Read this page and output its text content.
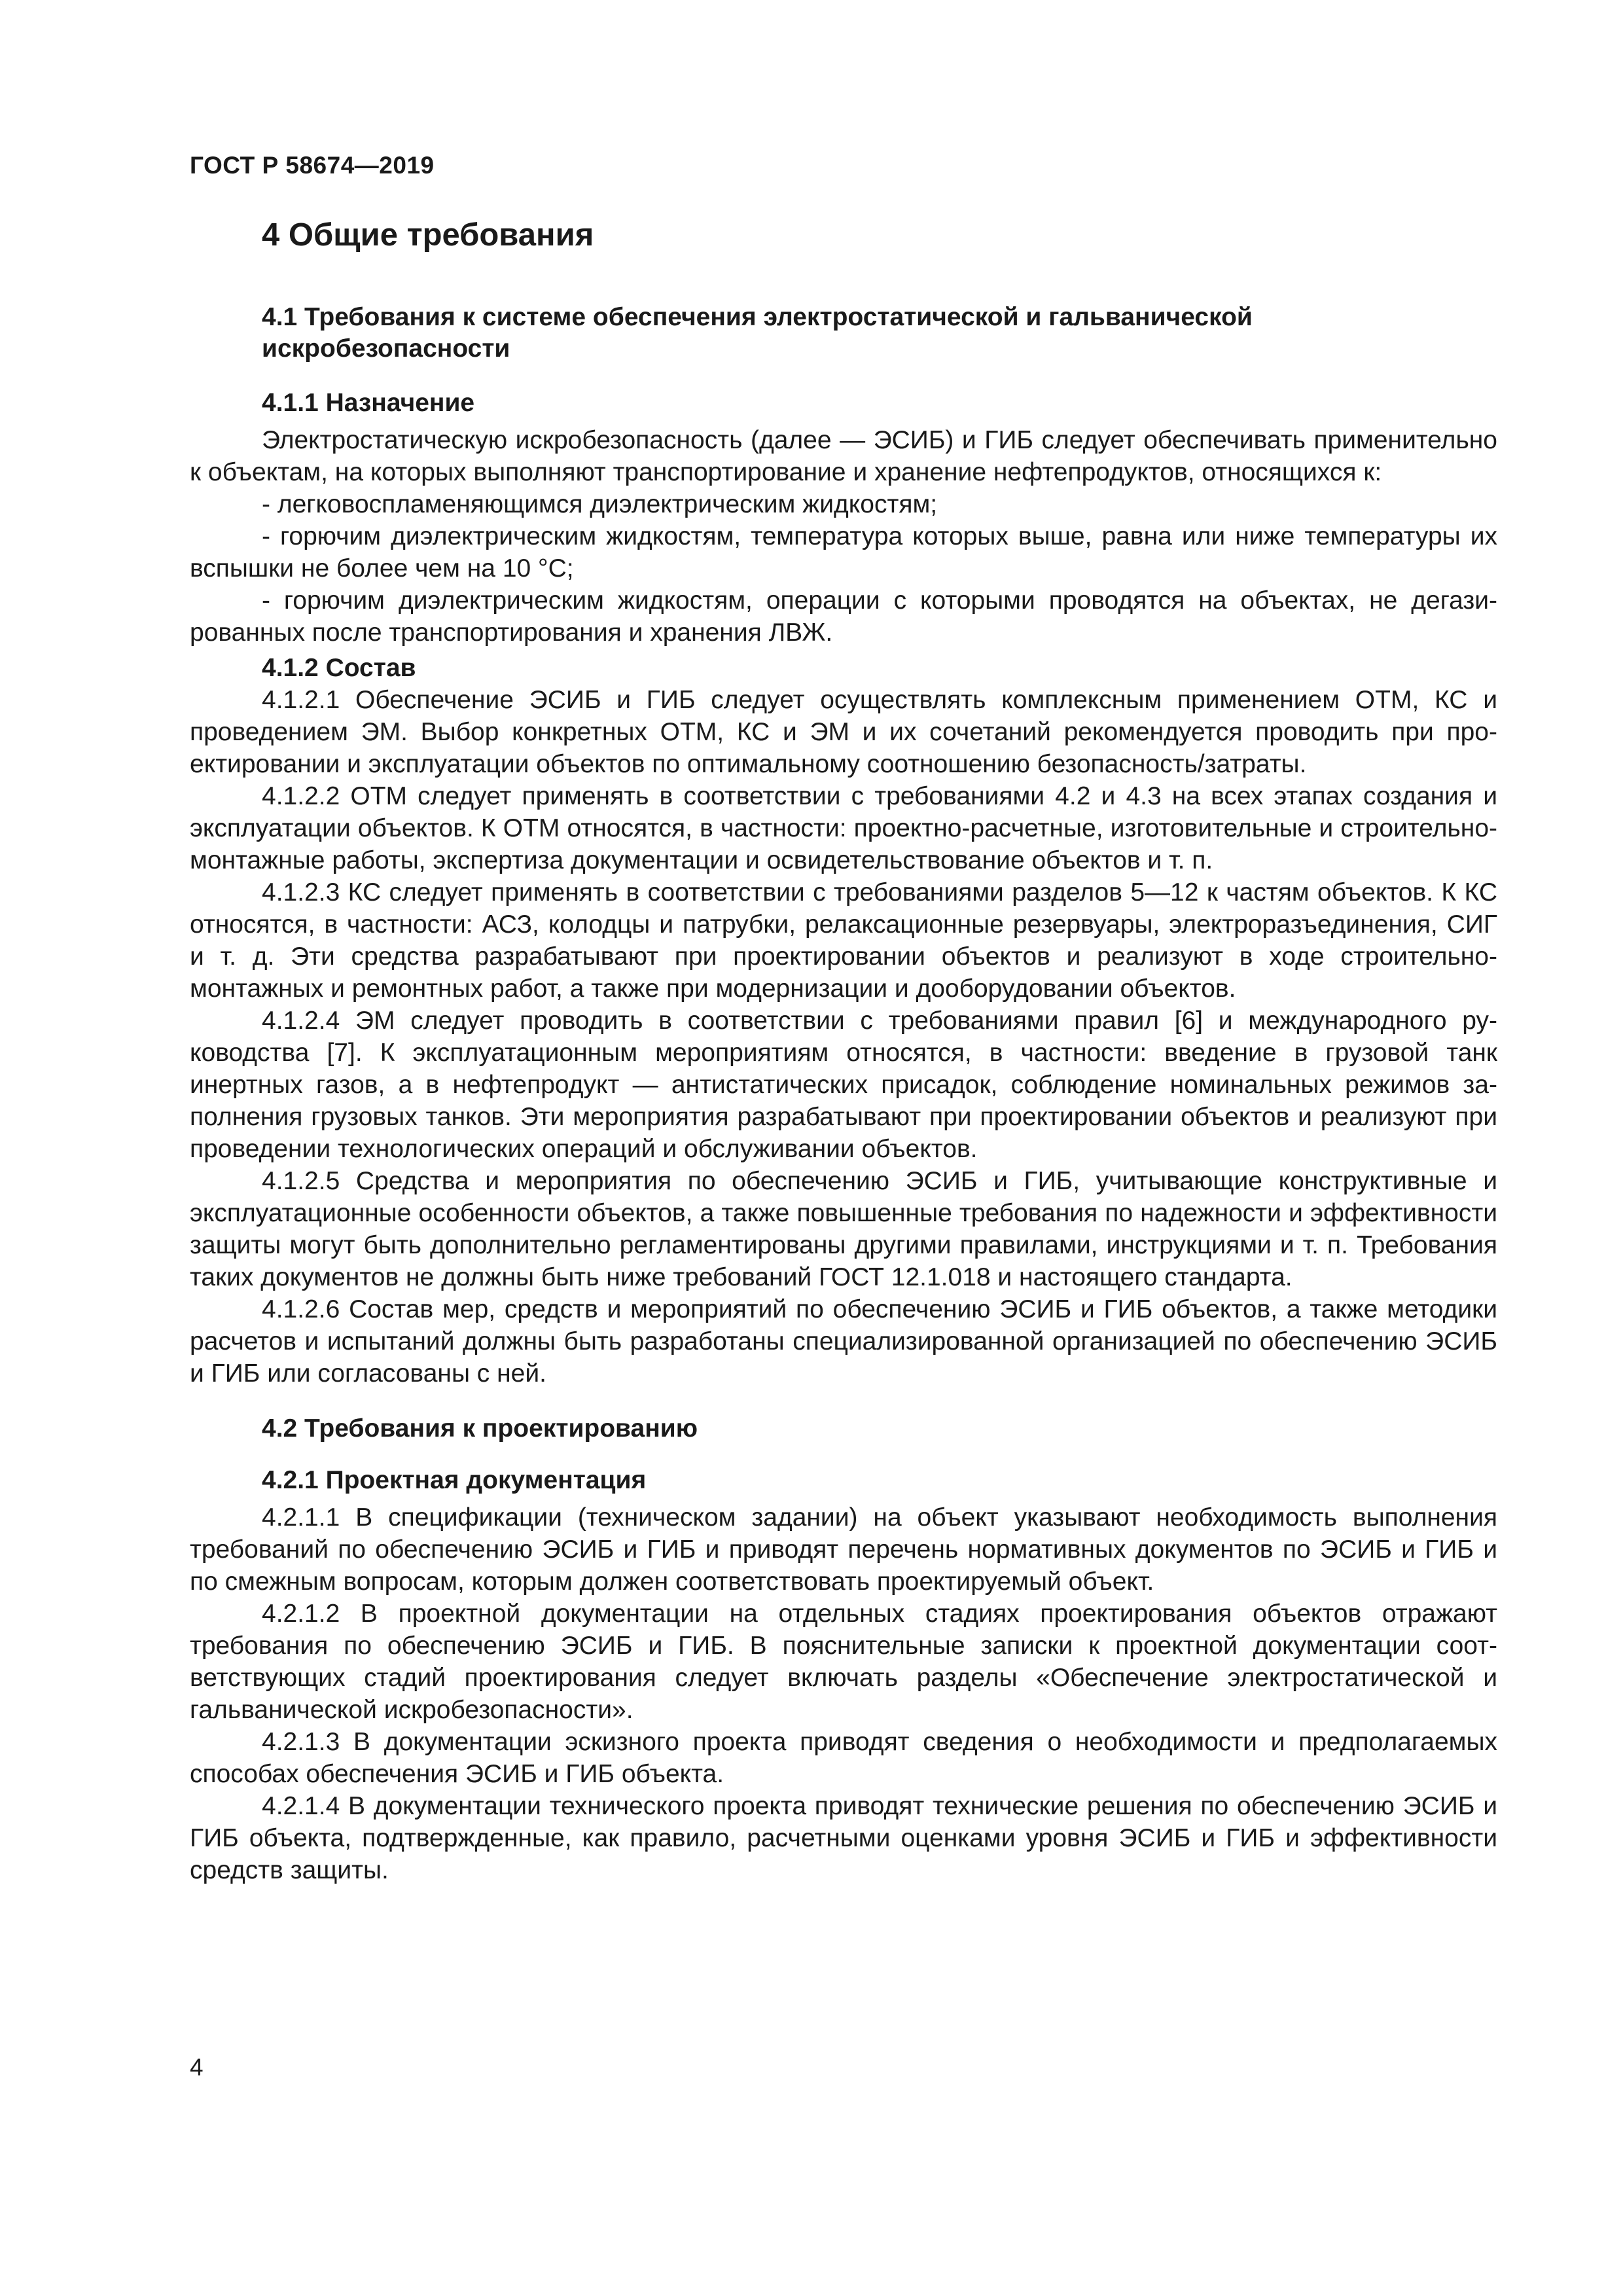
ГОСТ Р 58674—2019
4 Общие требования
4.1 Требования к системе обеспечения электростатической и гальванической
искробезопасности
4.1.1 Назначение

Электростатическую искробезопасность (далее — ЭСИБ) и ГИБ следует обеспечивать применительно к объектам, на которых выполняют транспортирование и хранение нефтепродуктов, относящихся к:

- легковоспламеняющимся диэлектрическим жидкостям;

- горючим диэлектрическим жидкостям, температура которых выше, равна или ниже температуры их вспышки не более чем на 10 °С;

- горючим диэлектрическим жидкостям, операции с которыми проводятся на объектах, не дегазированных после транспортирования и хранения ЛВЖ.

4.1.2 Состав

4.1.2.1 Обеспечение ЭСИБ и ГИБ следует осуществлять комплексным применением ОТМ, КС и проведением ЭМ. Выбор конкретных ОТМ, КС и ЭМ и их сочетаний рекомендуется проводить при проектировании и эксплуатации объектов по оптимальному соотношению безопасность/затраты.

4.1.2.2 ОТМ следует применять в соответствии с требованиями 4.2 и 4.3 на всех этапах создания и эксплуатации объектов. К ОТМ относятся, в частности: проектно-расчетные, изготовительные и строительно-монтажные работы, экспертиза документации и освидетельствование объектов и т. п.

4.1.2.3 КС следует применять в соответствии с требованиями разделов 5—12 к частям объектов. К КС относятся, в частности: АСЗ, колодцы и патрубки, релаксационные резервуары, электроразъединения, СИГ и т. д. Эти средства разрабатывают при проектировании объектов и реализуют в ходе строительно-монтажных и ремонтных работ, а также при модернизации и дооборудовании объектов.

4.1.2.4 ЭМ следует проводить в соответствии с требованиями правил [6] и международного руководства [7]. К эксплуатационным мероприятиям относятся, в частности: введение в грузовой танк инертных газов, а в нефтепродукт — антистатических присадок, соблюдение номинальных режимов заполнения грузовых танков. Эти мероприятия разрабатывают при проектировании объектов и реализуют при проведении технологических операций и обслуживании объектов.

4.1.2.5 Средства и мероприятия по обеспечению ЭСИБ и ГИБ, учитывающие конструктивные и эксплуатационные особенности объектов, а также повышенные требования по надежности и эффективности защиты могут быть дополнительно регламентированы другими правилами, инструкциями и т. п. Требования таких документов не должны быть ниже требований ГОСТ 12.1.018 и настоящего стандарта.

4.1.2.6 Состав мер, средств и мероприятий по обеспечению ЭСИБ и ГИБ объектов, а также методики расчетов и испытаний должны быть разработаны специализированной организацией по обеспечению ЭСИБ и ГИБ или согласованы с ней.

4.2 Требования к проектированию
4.2.1 Проектная документация

4.2.1.1 В спецификации (техническом задании) на объект указывают необходимость выполнения требований по обеспечению ЭСИБ и ГИБ и приводят перечень нормативных документов по ЭСИБ и ГИБ и по смежным вопросам, которым должен соответствовать проектируемый объект.

4.2.1.2 В проектной документации на отдельных стадиях проектирования объектов отражают требования по обеспечению ЭСИБ и ГИБ. В пояснительные записки к проектной документации соответствующих стадий проектирования следует включать разделы «Обеспечение электростатической и гальванической искробезопасности».

4.2.1.3 В документации эскизного проекта приводят сведения о необходимости и предполагаемых способах обеспечения ЭСИБ и ГИБ объекта.

4.2.1.4 В документации технического проекта приводят технические решения по обеспечению ЭСИБ и ГИБ объекта, подтвержденные, как правило, расчетными оценками уровня ЭСИБ и ГИБ и эффективности средств защиты.

4
